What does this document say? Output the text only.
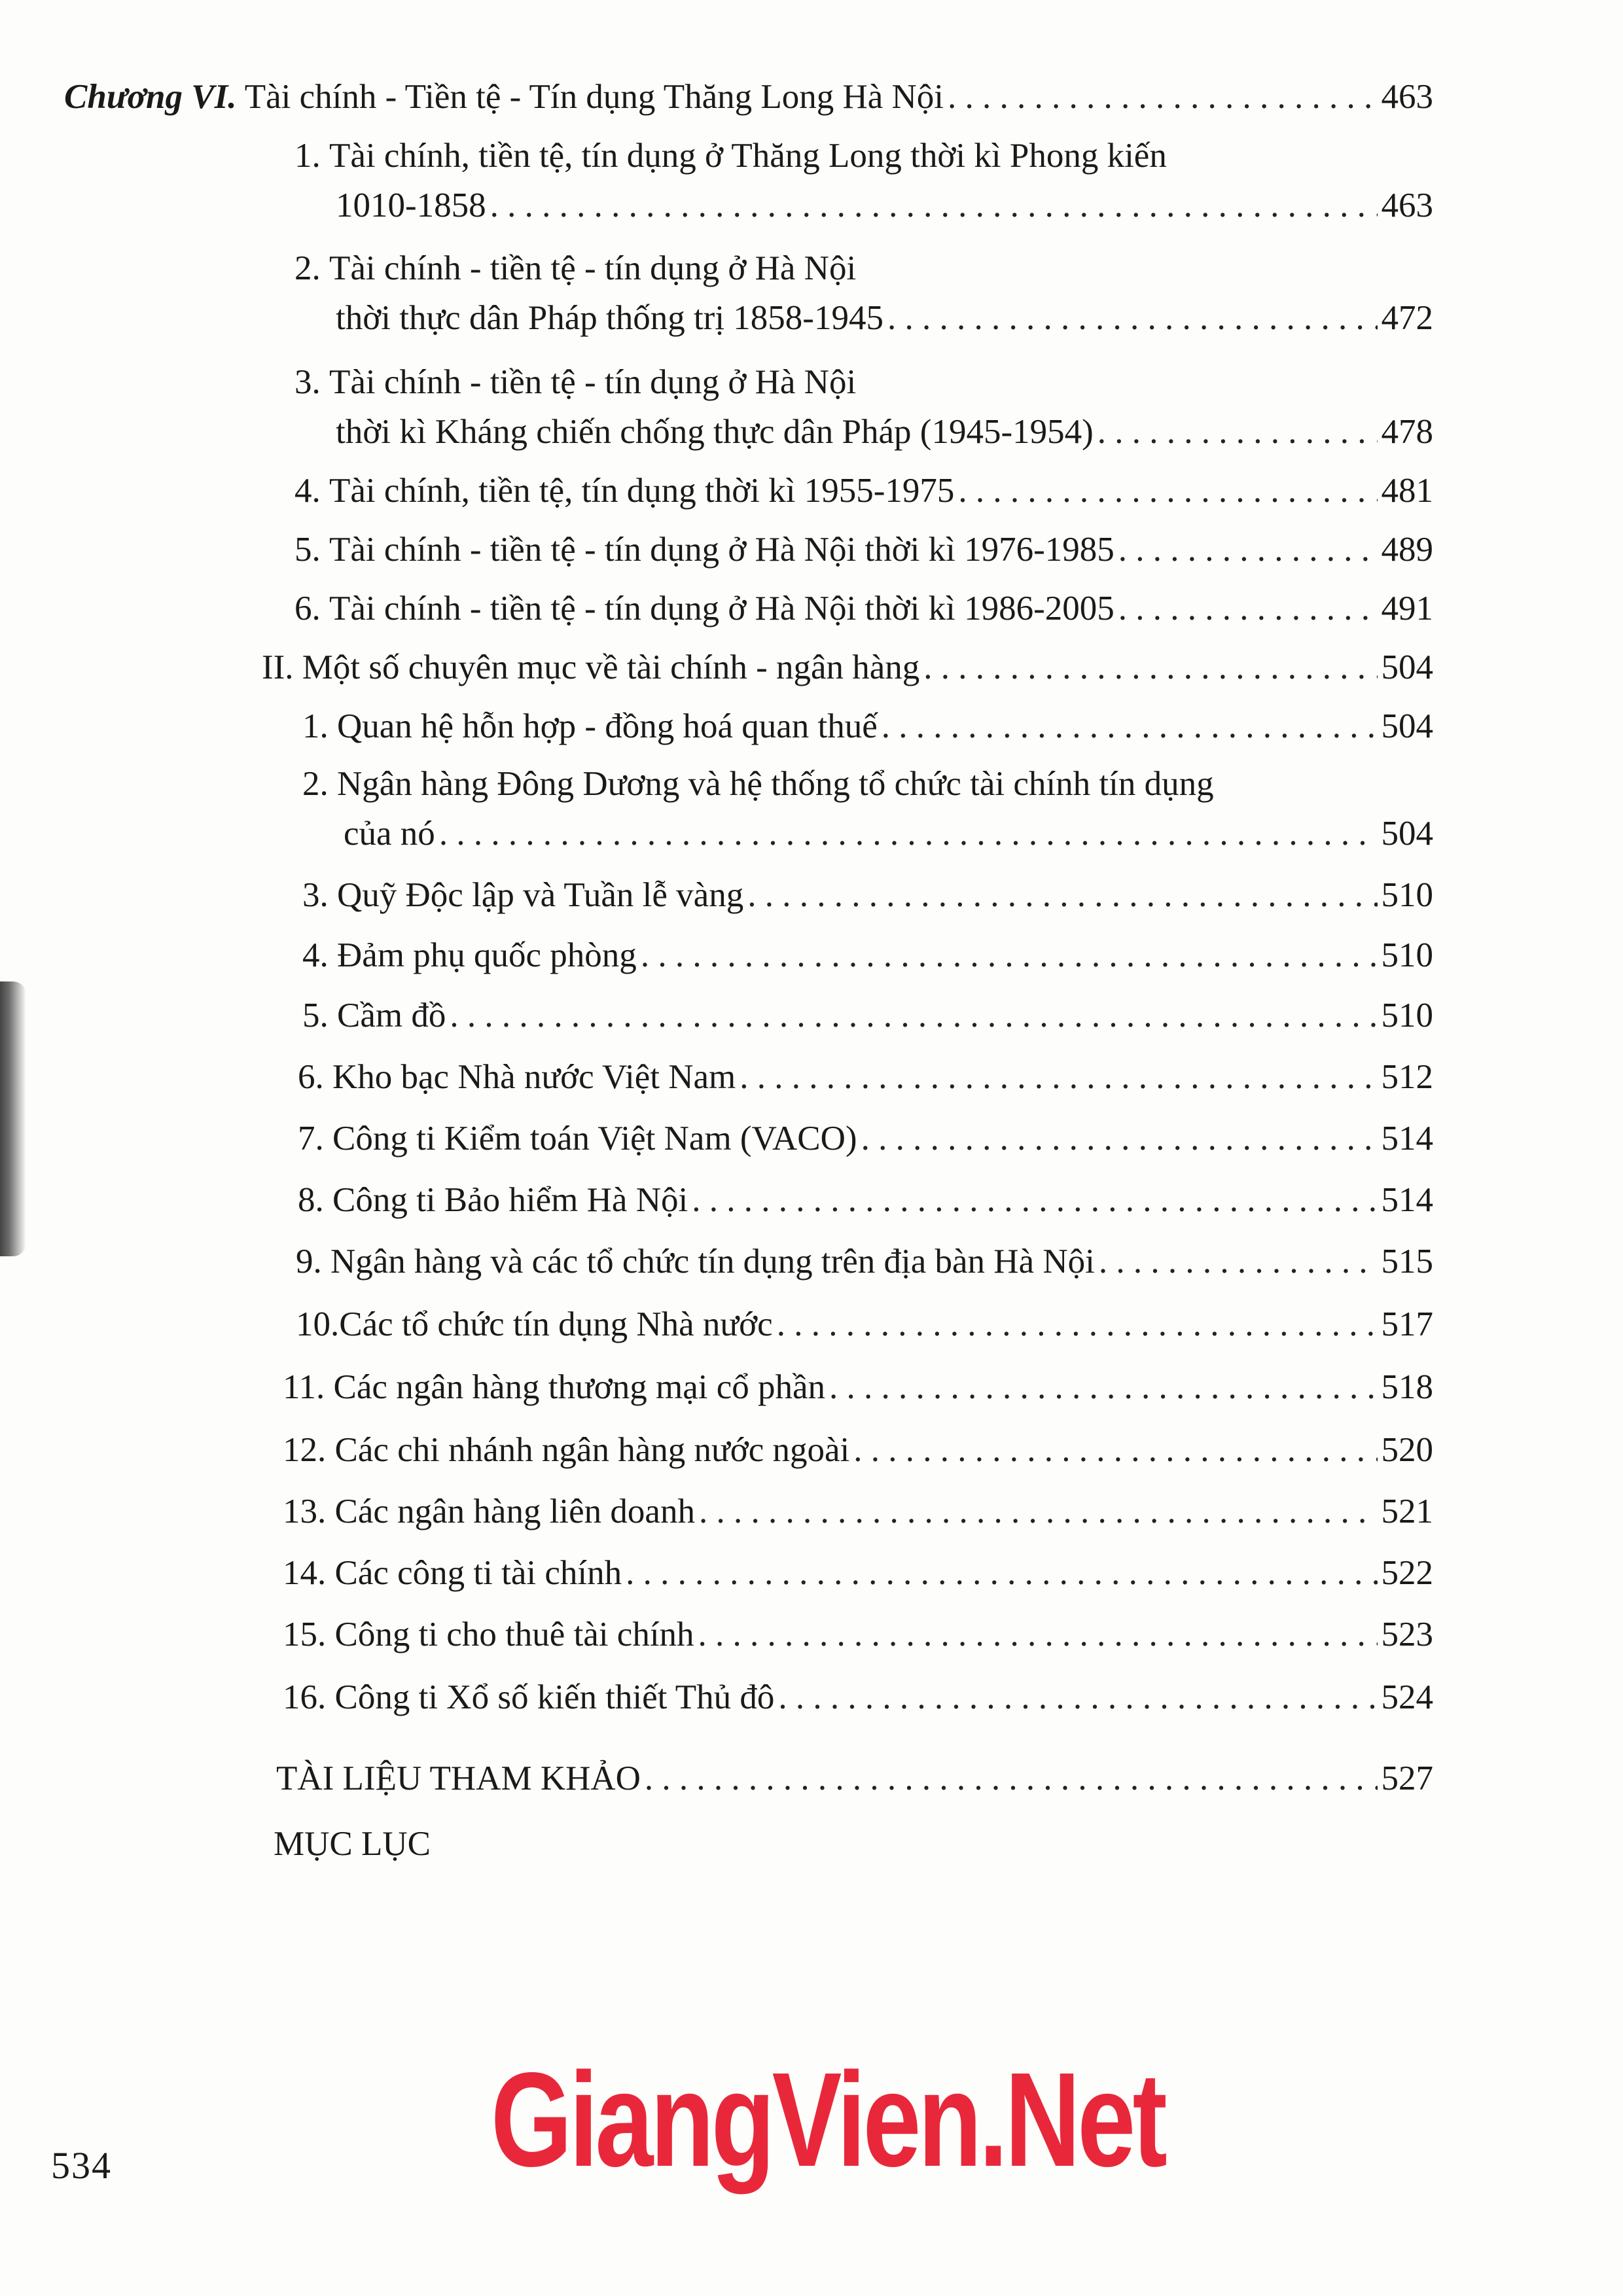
Chương VI. Tài chính - Tiền tệ - Tín dụng Thăng Long Hà Nội . . .	463
1. Tài chính, tiền tệ, tín dụng ở Thăng Long thời kì Phong kiến
1010-1858 . . .	463
2. Tài chính - tiền tệ - tín dụng ở Hà Nội
thời thực dân Pháp thống trị 1858-1945 . . .	472
3. Tài chính - tiền tệ - tín dụng ở Hà Nội
thời kì Kháng chiến chống thực dân Pháp (1945-1954) . . .	478
4. Tài chính, tiền tệ, tín dụng thời kì 1955-1975 . . .	481
5. Tài chính - tiền tệ - tín dụng ở Hà Nội thời kì 1976-1985 . . .	489
6. Tài chính - tiền tệ - tín dụng ở Hà Nội thời kì 1986-2005 . . .	491
II. Một số chuyên mục về tài chính - ngân hàng . . .	504
1. Quan hệ hỗn hợp - đồng hoá quan thuế . . .	504
2. Ngân hàng Đông Dương và hệ thống tổ chức tài chính tín dụng
của nó . . .	504
3. Quỹ Độc lập và Tuần lễ vàng . . .	510
4. Đảm phụ quốc phòng . . .	510
5. Cầm đồ . . .	510
6. Kho bạc Nhà nước Việt Nam . . .	512
7. Công ti Kiểm toán Việt Nam (VACO) . . .	514
8. Công ti Bảo hiểm Hà Nội . . .	514
9. Ngân hàng và các tổ chức tín dụng trên địa bàn Hà Nội . . .	515
10. Các tổ chức tín dụng Nhà nước . . .	517
11. Các ngân hàng thương mại cổ phần . . .	518
12. Các chi nhánh ngân hàng nước ngoài . . .	520
13. Các ngân hàng liên doanh . . .	521
14. Các công ti tài chính . . .	522
15. Công ti cho thuê tài chính . . .	523
16. Công ti Xổ số kiến thiết Thủ đô . . .	524
TÀI LIỆU THAM KHẢO . . .	527
MỤC LỤC
GiangVien.Net
534
